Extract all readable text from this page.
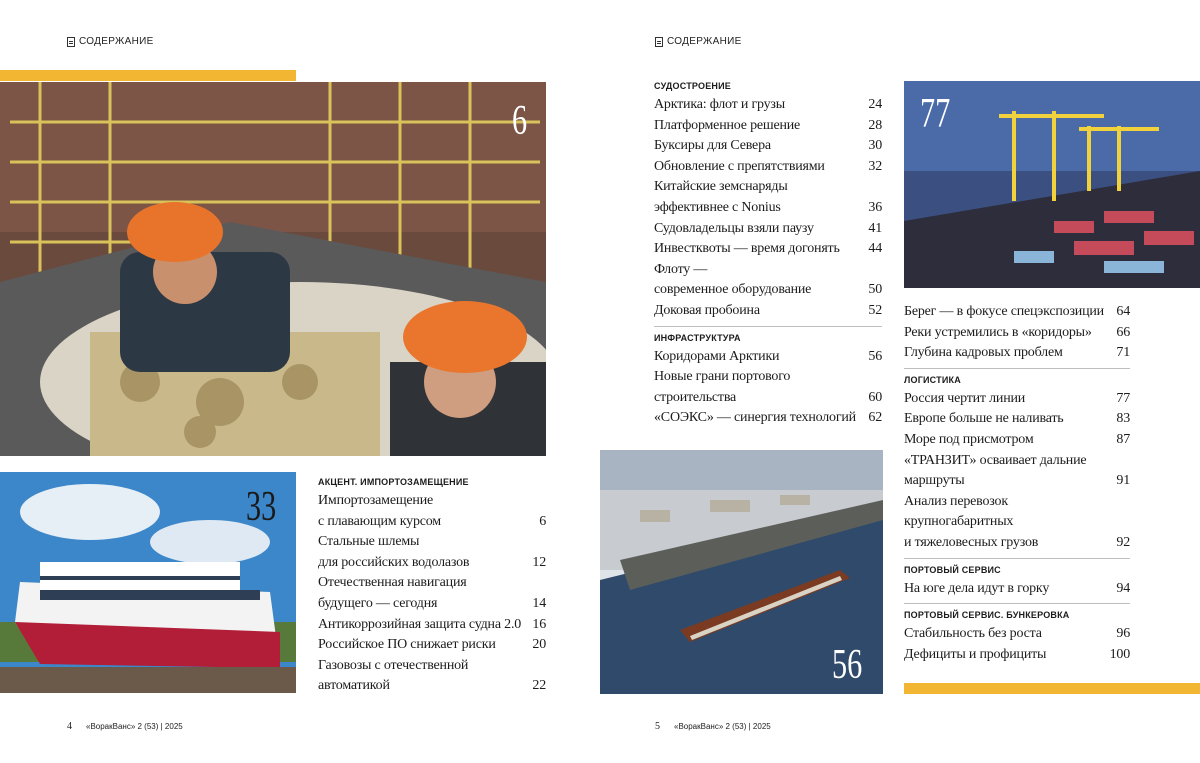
СОДЕРЖАНИЕ
6
33
АКЦЕНТ. ИМПОРТОЗАМЕЩЕНИЕ
Импортозамещение
с плавающим курсом	6
Стальные шлемы
для российских водолазов	12
Отечественная навигация
будущего — сегодня	14
Антикоррозийная защита судна 2.0 16
Российское ПО снижает риски	20
Газовозы с отечественной
автоматикой	22
4 «ВоракВанс» 2 (53) | 2025
СОДЕРЖАНИЕ
СУДОСТРОЕНИЕ
Арктика: флот и грузы	24
Платформенное решение	28
Буксиры для Севера	30
Обновление с препятствиями	32
Китайские земснаряды
эффективнее с Nonius	36
Судовладельцы взяли паузу	41
Инвестквоты — время догонять	44
Флоту —
современное оборудование	50
Доковая пробоина	52
ИНФРАСТРУКТУРА
Коридорами Арктики	56
Новые грани портового
строительства	60
«СОЭКС» — синергия технологий 62
56
77
Берег — в фокусе спецэкспозиции 64
Реки устремились в «коридоры»	66
Глубина кадровых проблем	71
ЛОГИСТИКА
Россия чертит линии	77
Европе больше не наливать	83
Море под присмотром	87
«ТРАНЗИТ» осваивает дальние
маршруты	91
Анализ перевозок
крупногабаритных
и тяжеловесных грузов	92
ПОРТОВЫЙ СЕРВИС
На юге дела идут в горку	94
ПОРТОВЫЙ СЕРВИС. БУНКЕРОВКА
Стабильность без роста	96
Дефициты и профициты	100
5 «ВоракВанс» 2 (53) | 2025
